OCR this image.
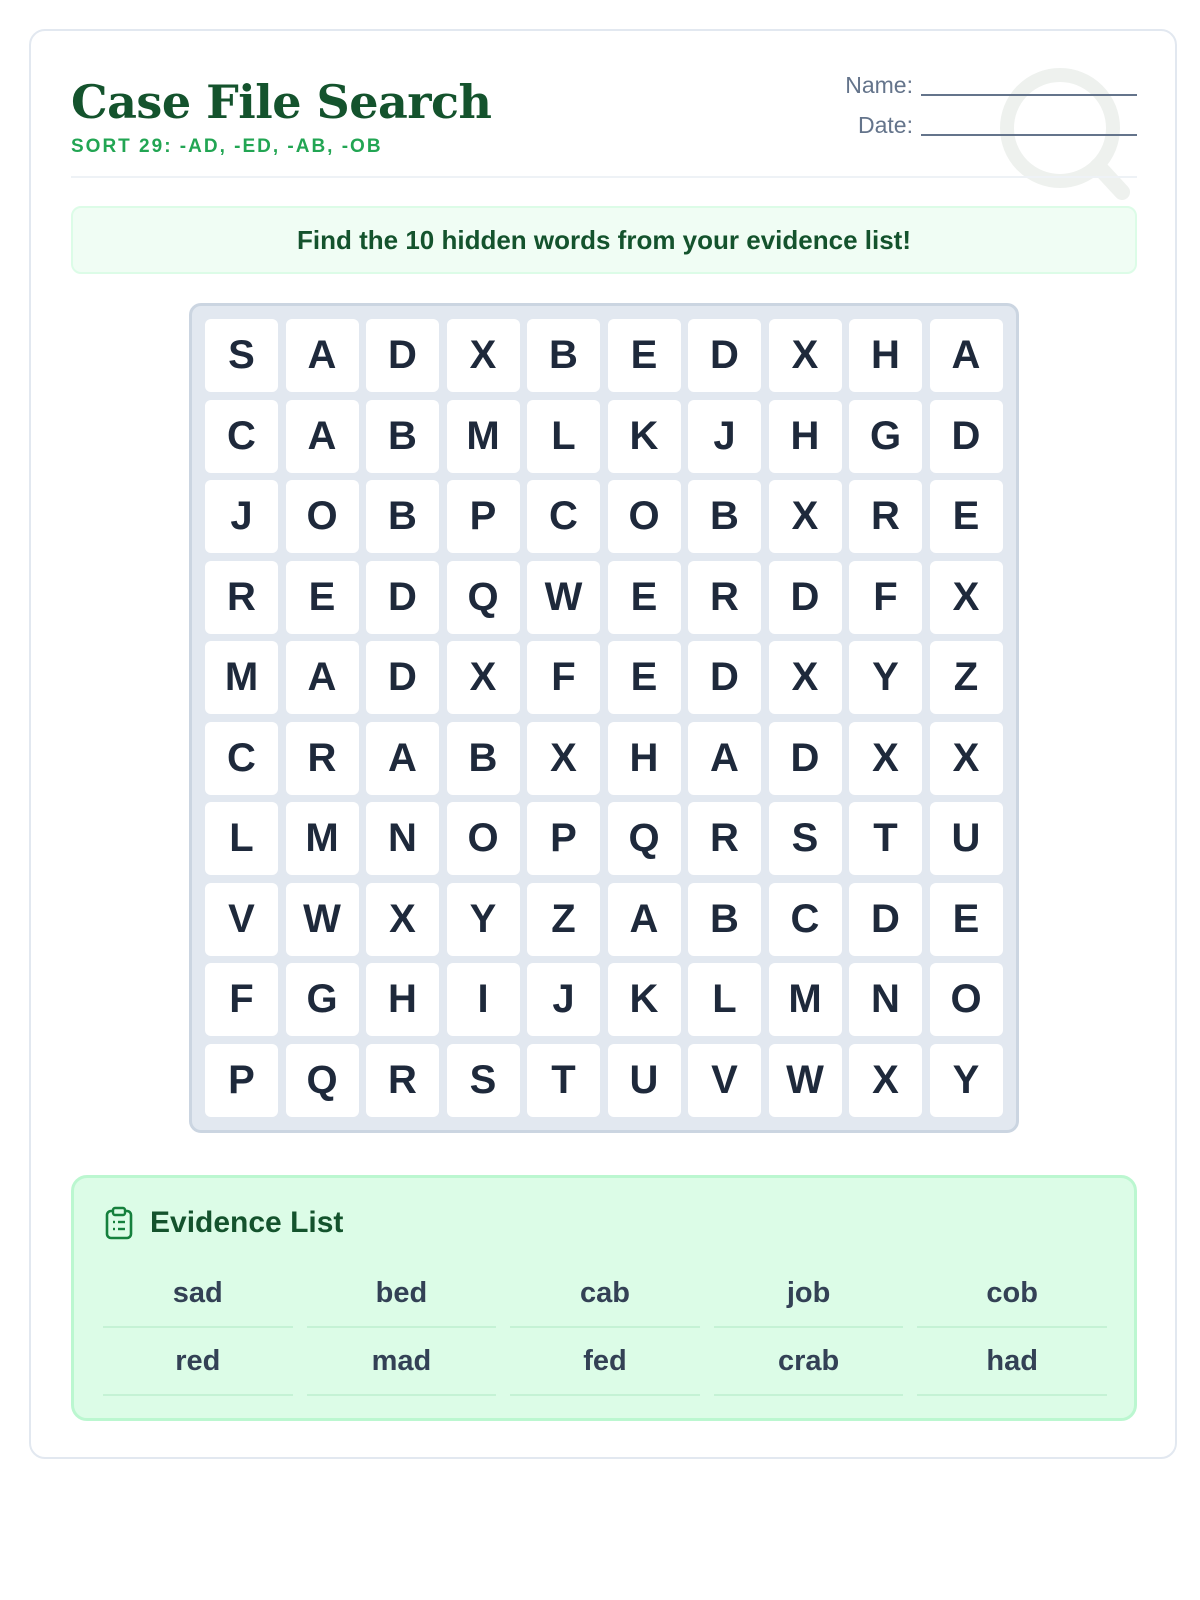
Case File Search
SORT 29: -AD, -ED, -AB, -OB
Name:
Date:
Find the 10 hidden words from your evidence list!
S	A	D	X	B	E	D	X	H	A
C	A	B	M	L	K	J	H	G	D
J	O	B	P	C	O	B	X	R	E
R	E	D	Q	W	E	R	D	F	X
M	A	D	X	F	E	D	X	Y	Z
C	R	A	B	X	H	A	D	X	X
L	M	N	O	P	Q	R	S	T	U
V	W	X	Y	Z	A	B	C	D	E
F	G	H	I	J	K	L	M	N	O
P	Q	R	S	T	U	V	W	X	Y
Evidence List
sad	bed	cab	job	cob
red	mad	fed	crab	had
